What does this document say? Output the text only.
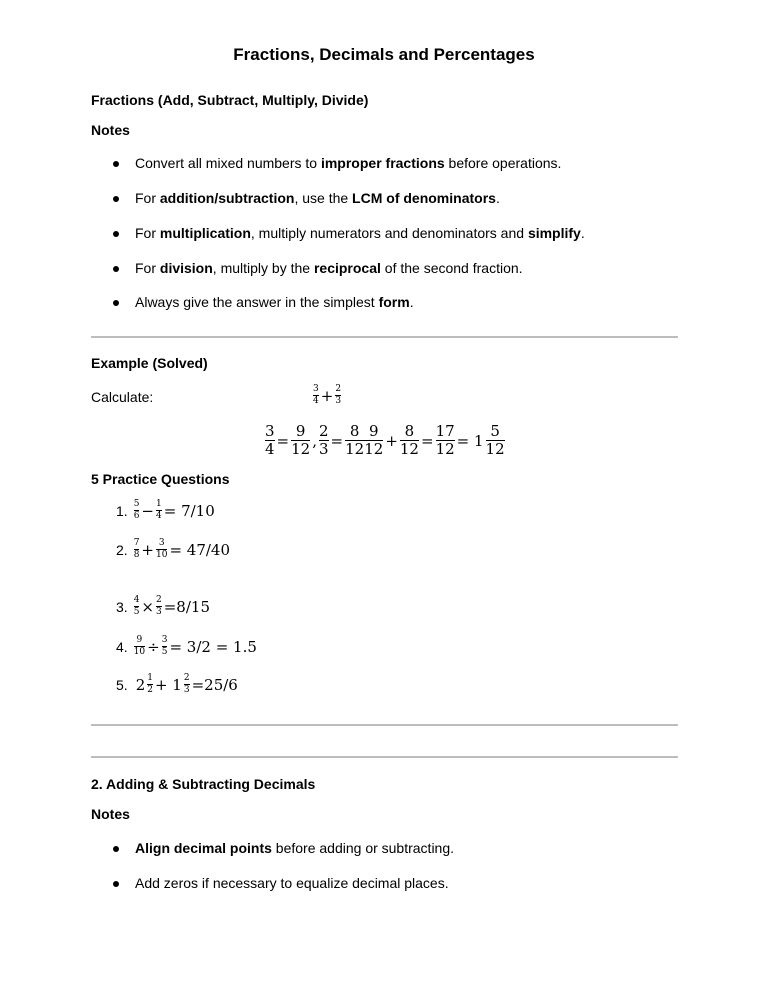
Fractions, Decimals and Percentages
Fractions (Add, Subtract, Multiply, Divide)
Notes
Convert all mixed numbers to improper fractions before operations.
For addition/subtraction, use the LCM of denominators.
For multiplication, multiply numerators and denominators and simplify.
For division, multiply by the reciprocal of the second fraction.
Always give the answer in the simplest form.
Example (Solved)
Calculate:	$\frac{3}{4} + \frac{2}{3}$
$\frac{3}{4} = \frac{9}{12}$ , $\frac{2}{3} = \frac{8}{12} \frac{9}{12} + \frac{8}{12} = \frac{17}{12} = 1 \frac{5}{12}$
5 Practice Questions
1. $\frac{5}{6} - \frac{1}{4} = 7/10$
2. $\frac{7}{8} + \frac{3}{10} = 47/40$
3. $\frac{4}{5} \times \frac{2}{3} =8/15$
4. $\frac{9}{10} \div \frac{3}{5} = 3/2 = 1.5$
5. $2 \frac{1}{2} + 1 \frac{2}{3} =25/6$
2. Adding & Subtracting Decimals
Notes
Align decimal points before adding or subtracting.
Add zeros if necessary to equalize decimal places.
